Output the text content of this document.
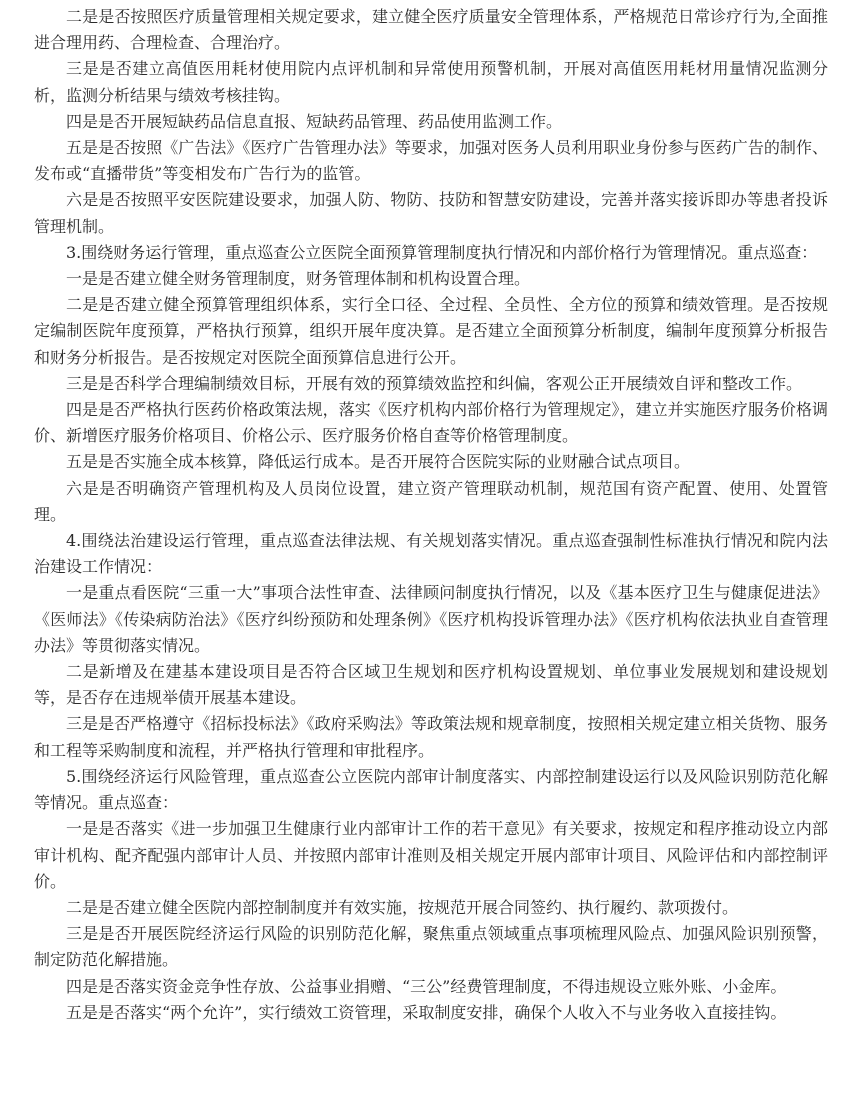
二是是否按照医疗质量管理相关规定要求，建立健全医疗质量安全管理体系，严格规范日常诊疗行为,全面推进合理用药、合理检查、合理治疗。

三是是否建立高值医用耗材使用院内点评机制和异常使用预警机制，开展对高值医用耗材用量情况监测分析，监测分析结果与绩效考核挂钩。

四是是否开展短缺药品信息直报、短缺药品管理、药品使用监测工作。

五是是否按照《广告法》《医疗广告管理办法》等要求，加强对医务人员利用职业身份参与医药广告的制作、发布或“直播带货”等变相发布广告行为的监管。

六是是否按照平安医院建设要求，加强人防、物防、技防和智慧安防建设，完善并落实接诉即办等患者投诉管理机制。

3.围绕财务运行管理，重点巡查公立医院全面预算管理制度执行情况和内部价格行为管理情况。重点巡查：

一是是否建立健全财务管理制度，财务管理体制和机构设置合理。

二是是否建立健全预算管理组织体系，实行全口径、全过程、全员性、全方位的预算和绩效管理。是否按规定编制医院年度预算，严格执行预算，组织开展年度决算。是否建立全面预算分析制度，编制年度预算分析报告和财务分析报告。是否按规定对医院全面预算信息进行公开。

三是是否科学合理编制绩效目标，开展有效的预算绩效监控和纠偏，客观公正开展绩效自评和整改工作。

四是是否严格执行医药价格政策法规，落实《医疗机构内部价格行为管理规定》，建立并实施医疗服务价格调价、新增医疗服务价格项目、价格公示、医疗服务价格自查等价格管理制度。

五是是否实施全成本核算，降低运行成本。是否开展符合医院实际的业财融合试点项目。

六是是否明确资产管理机构及人员岗位设置，建立资产管理联动机制，规范国有资产配置、使用、处置管理。

4.围绕法治建设运行管理，重点巡查法律法规、有关规划落实情况。重点巡查强制性标准执行情况和院内法治建设工作情况：

一是重点看医院“三重一大”事项合法性审查、法律顾问制度执行情况，以及《基本医疗卫生与健康促进法》《医师法》《传染病防治法》《医疗纠纷预防和处理条例》《医疗机构投诉管理办法》《医疗机构依法执业自查管理办法》等贯彻落实情况。

二是新增及在建基本建设项目是否符合区域卫生规划和医疗机构设置规划、单位事业发展规划和建设规划等，是否存在违规举债开展基本建设。

三是是否严格遵守《招标投标法》《政府采购法》等政策法规和规章制度，按照相关规定建立相关货物、服务和工程等采购制度和流程，并严格执行管理和审批程序。

5.围绕经济运行风险管理，重点巡查公立医院内部审计制度落实、内部控制建设运行以及风险识别防范化解等情况。重点巡查：

一是是否落实《进一步加强卫生健康行业内部审计工作的若干意见》有关要求，按规定和程序推动设立内部审计机构、配齐配强内部审计人员、并按照内部审计准则及相关规定开展内部审计项目、风险评估和内部控制评价。

二是是否建立健全医院内部控制制度并有效实施，按规范开展合同签约、执行履约、款项拨付。

三是是否开展医院经济运行风险的识别防范化解，聚焦重点领域重点事项梳理风险点、加强风险识别预警，制定防范化解措施。

四是是否落实资金竞争性存放、公益事业捐赠、“三公”经费管理制度，不得违规设立账外账、小金库。

五是是否落实“两个允许”，实行绩效工资管理，采取制度安排，确保个人收入不与业务收入直接挂钩。
